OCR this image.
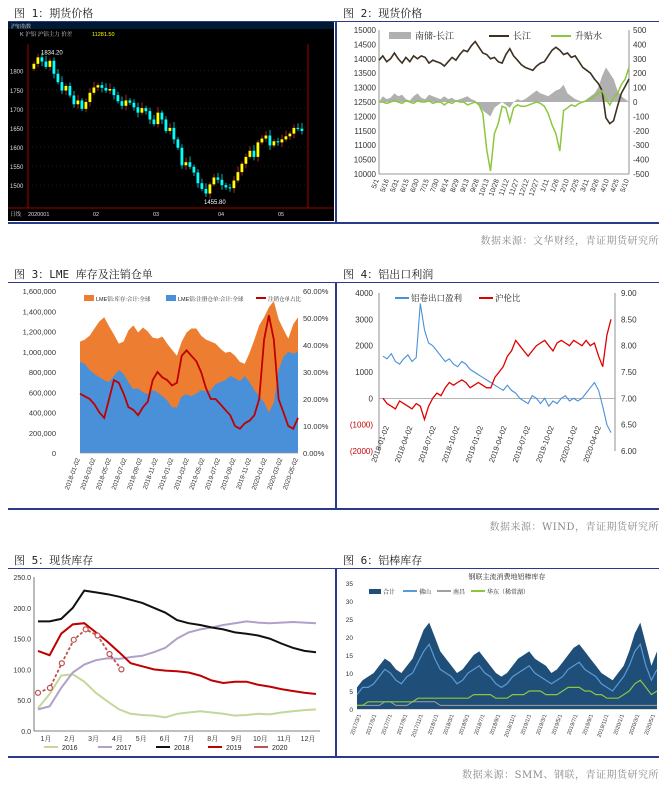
图 1：期货价格	图 2：现货价格
图 3：LME 库存及注销仓单	图 4：铝出口利润
图 5：现货库存	图 6：铝棒库存
数据来源：文华财经，青证期货研究所
数据来源：WIND，青证期货研究所
数据来源：SMM、钢联，青证期货研究所
沪铝指数
K 沪铝 沪铝主力 价差	11281.50
1800
1750
1700
1650
1600
1550
1500
1834.20
1455.80
日线 2020001	02	03	04	05
15000
14500
14000
13500
13000
12500
12000
11500
11000
10500
10000
500
400
300
200
100
0
-100
-200
-300
-400
-500
5/1
5/16
5/31
6/15
6/30
7/15
7/30
8/14
8/29
9/13
9/28
10/13
10/28
11/12
11/27
12/12
12/27
1/11
1/26
2/10
2/25
3/11
3/26
4/10
4/25
5/10
南储-长江	长江	升贴水
1,600,000
1,400,000
1,200,000
1,000,000
800,000
600,000
400,000
200,000
0
60.00%
50.00%
40.00%
30.00%
20.00%
10.00%
0.00%
2018-01-02
2018-03-02
2018-05-02
2018-07-02
2018-09-02
2018-11-02
2019-01-02
2019-03-02
2019-05-02
2019-07-02
2019-09-02
2019-11-02
2020-01-02
2020-03-02
2020-05-02
LME铝:库存:合计:全球	LME铝:注册仓单:合计:全球	注销仓单占比
4000
3000
2000
1000
0
(1000)
(2000)
9.00
8.50
8.00
7.50
7.00
6.50
6.00
2018-01-02 2018-04-02 2018-07-02 2018-10-02 2019-01-02 2019-04-02 2019-07-02 2019-10-02 2020-01-02 2020-04-02
铝卷出口盈利	沪伦比
250.0
200.0
150.0
100.0
50.0
0.0
1月 2月 3月 4月 5月 6月 7月 8月 9月 10月 11月 12月
2016	2017	2018	2019	2020
钢联主流消费地铝棒库存
35
30
25
20
15
10
5
0
2017/3/1 2017/5/1 2017/7/1 2017/9/1 2017/11/1 2018/1/1 2018/3/1 2018/5/1 2018/7/1 2018/9/1 2018/11/1 2019/1/1 2019/3/1 2019/5/1 2019/7/1 2019/9/1 2019/11/1 2020/1/1 2020/3/1 2020/5/1
合计	佛山	南昌	华东（稀常湖）
